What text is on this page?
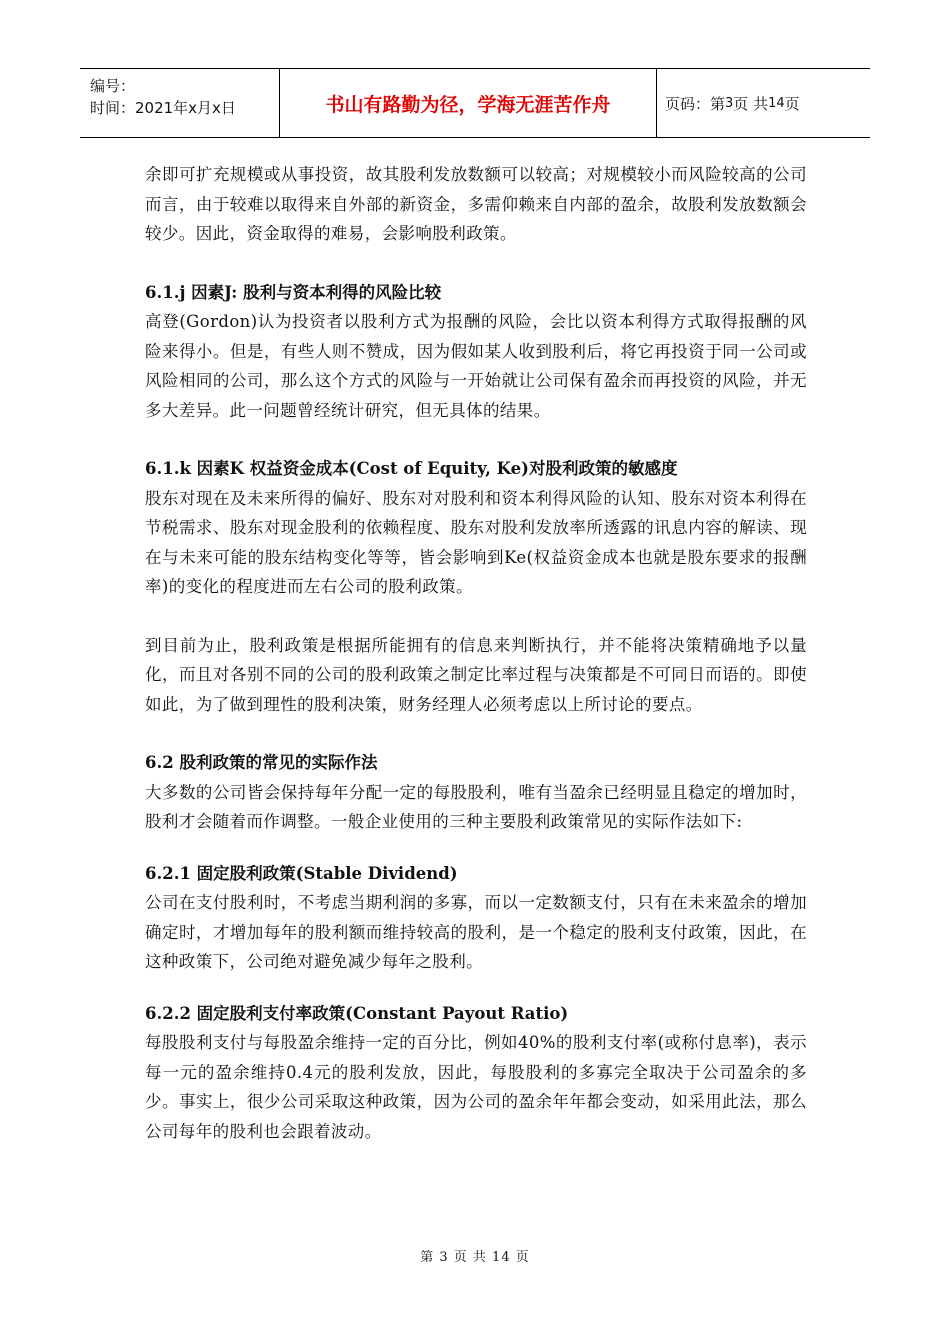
编号：
时间：2021年x月x日	书山有路勤为径，学海无涯苦作舟	页码：第 3 页 共 14 页

余即可扩充规模或从事投资，故其股利发放数额可以较高；对规模较小而风险较高的公司而言，由于较难以取得来自外部的新资金，多需仰赖来自内部的盈余，故股利发放数额会较少。因此，资金取得的难易，会影响股利政策。

6.1.j 因素J: 股利与资本利得的风险比较

高登(Gordon)认为投资者以股利方式为报酬的风险，会比以资本利得方式取得报酬的风险来得小。但是，有些人则不赞成，因为假如某人收到股利后，将它再投资于同一公司或风险相同的公司，那么这个方式的风险与一开始就让公司保有盈余而再投资的风险，并无多大差异。此一问题曾经统计研究，但无具体的结果。

6.1.k 因素K 权益资金成本(Cost of Equity, Ke)对股利政策的敏感度

股东对现在及未来所得的偏好、股东对对股利和资本利得风险的认知、股东对资本利得在节税需求、股东对现金股利的依赖程度、股东对股利发放率所透露的讯息内容的解读、现在与未来可能的股东结构变化等等，皆会影响到Ke(权益资金成本也就是股东要求的报酬率)的变化的程度进而左右公司的股利政策。

到目前为止，股利政策是根据所能拥有的信息来判断执行，并不能将决策精确地予以量化，而且对各别不同的公司的股利政策之制定比率过程与决策都是不可同日而语的。即使如此，为了做到理性的股利决策，财务经理人必须考虑以上所讨论的要点。

6.2 股利政策的常见的实际作法

大多数的公司皆会保持每年分配一定的每股股利，唯有当盈余已经明显且稳定的增加时，股利才会随着而作调整。一般企业使用的三种主要股利政策常见的实际作法如下:

6.2.1 固定股利政策(Stable Dividend)

公司在支付股利时，不考虑当期利润的多寡，而以一定数额支付，只有在未来盈余的增加确定时，才增加每年的股利额而维持较高的股利，是一个稳定的股利支付政策，因此，在这种政策下，公司绝对避免减少每年之股利。

6.2.2 固定股利支付率政策(Constant Payout Ratio)

每股股利支付与每股盈余维持一定的百分比，例如40%的股利支付率(或称付息率)，表示每一元的盈余维持0.4元的股利发放，因此，每股股利的多寡完全取决于公司盈余的多少。事实上，很少公司采取这种政策，因为公司的盈余年年都会变动，如采用此法，那么公司每年的股利也会跟着波动。

第 3 页 共 14 页
